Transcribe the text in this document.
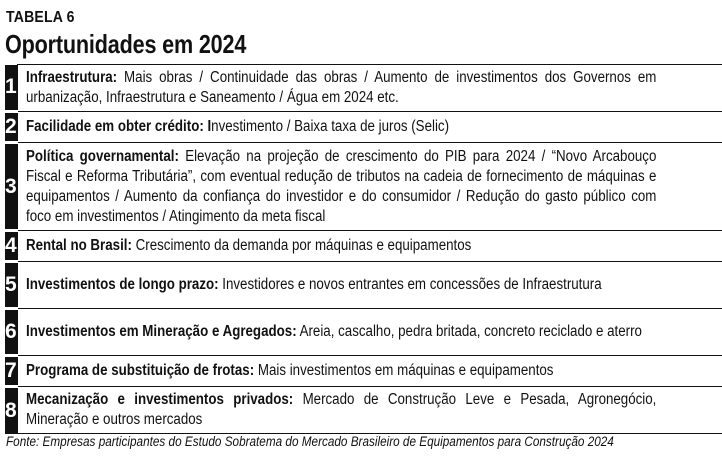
TABELA 6
Oportunidades em 2024
1	Infraestrutura: Mais obras / Continuidade das obras / Aumento de investimentos dos Governos em urbanização, Infraestrutura e Saneamento / Água em 2024 etc.

2	Facilidade em obter crédito: Investimento / Baixa taxa de juros (Selic)

3	Política governamental: Elevação na projeção de crescimento do PIB para 2024 / “Novo Arcabouço Fiscal e Reforma Tributária”, com eventual redução de tributos na cadeia de fornecimento de máquinas e equipamentos / Aumento da confiança do investidor e do consumidor / Redução do gasto público com foco em investimentos / Atingimento da meta fiscal

4	Rental no Brasil: Crescimento da demanda por máquinas e equipamentos

5	Investimentos de longo prazo: Investidores e novos entrantes em concessões de Infraestrutura

6	Investimentos em Mineração e Agregados: Areia, cascalho, pedra britada, concreto reciclado e aterro

7	Programa de substituição de frotas: Mais investimentos em máquinas e equipamentos

8	Mecanização e investimentos privados: Mercado de Construção Leve e Pesada, Agronegócio, Mineração e outros mercados
Fonte: Empresas participantes do Estudo Sobratema do Mercado Brasileiro de Equipamentos para Construção 2024
